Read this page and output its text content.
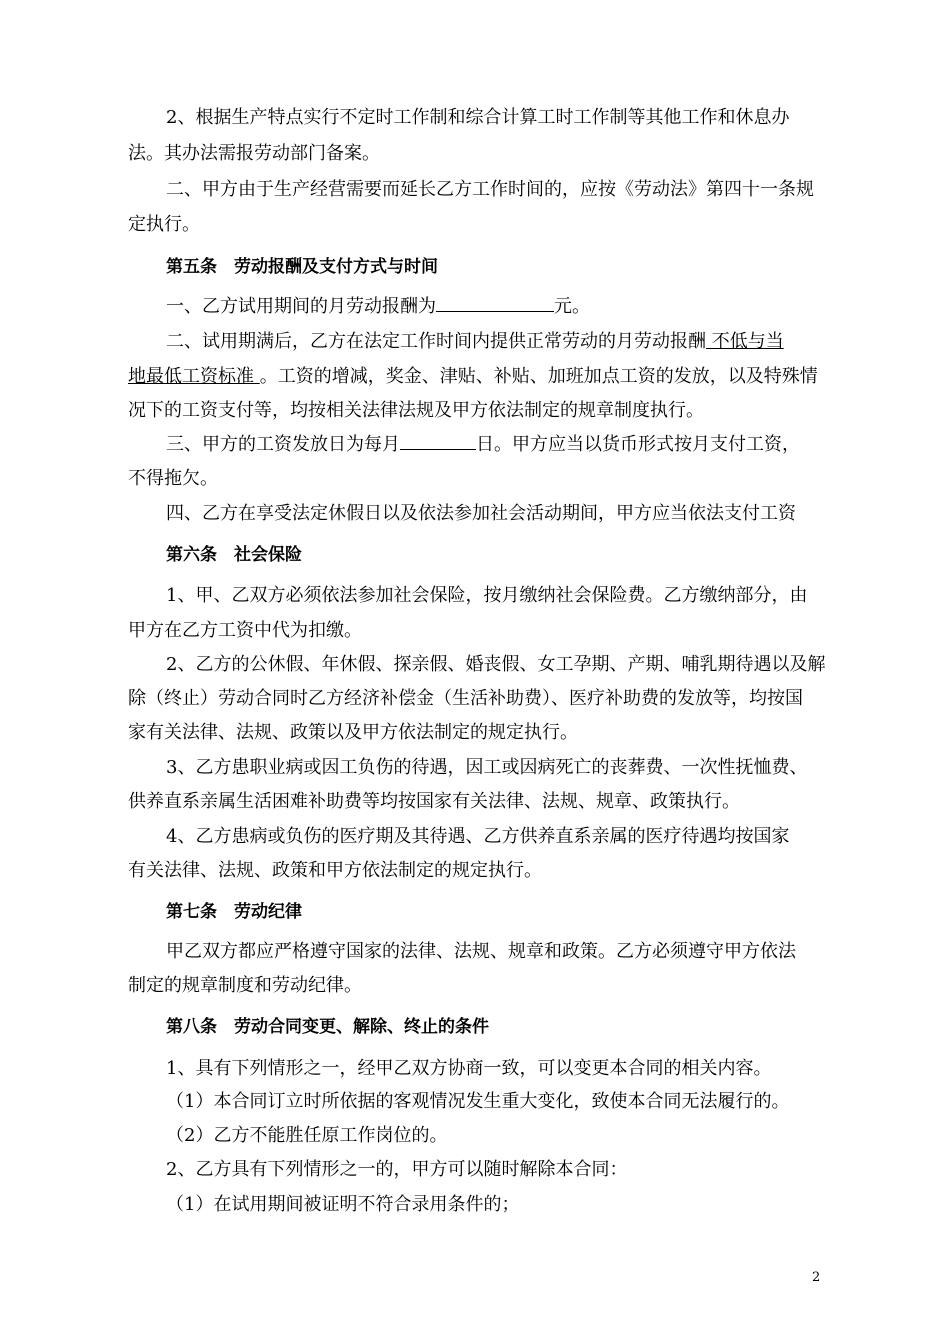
2、根据生产特点实行不定时工作制和综合计算工时工作制等其他工作和休息办
法。其办法需报劳动部门备案。
二、甲方由于生产经营需要而延长乙方工作时间的，应按《劳动法》第四十一条规
定执行。
第五条　劳动报酬及支付方式与时间
一、乙方试用期间的月劳动报酬为	元。
二、试用期满后，乙方在法定工作时间内提供正常劳动的月劳动报酬 不低与当
地最低工资标准 。工资的增减，奖金、津贴、补贴、加班加点工资的发放，以及特殊情
况下的工资支付等，均按相关法律法规及甲方依法制定的规章制度执行。
三、甲方的工资发放日为每月	日。甲方应当以货币形式按月支付工资，
不得拖欠。
四、乙方在享受法定休假日以及依法参加社会活动期间，甲方应当依法支付工资
第六条　社会保险
1、甲、乙双方必须依法参加社会保险，按月缴纳社会保险费。乙方缴纳部分，由
甲方在乙方工资中代为扣缴。
2、乙方的公休假、年休假、探亲假、婚丧假、女工孕期、产期、哺乳期待遇以及解
除（终止）劳动合同时乙方经济补偿金（生活补助费）、医疗补助费的发放等，均按国
家有关法律、法规、政策以及甲方依法制定的规定执行。
3、乙方患职业病或因工负伤的待遇，因工或因病死亡的丧葬费、一次性抚恤费、
供养直系亲属生活困难补助费等均按国家有关法律、法规、规章、政策执行。
4、乙方患病或负伤的医疗期及其待遇、乙方供养直系亲属的医疗待遇均按国家
有关法律、法规、政策和甲方依法制定的规定执行。
第七条　劳动纪律
甲乙双方都应严格遵守国家的法律、法规、规章和政策。乙方必须遵守甲方依法
制定的规章制度和劳动纪律。
第八条　劳动合同变更、解除、终止的条件
1、具有下列情形之一，经甲乙双方协商一致，可以变更本合同的相关内容。
（1）本合同订立时所依据的客观情况发生重大变化，致使本合同无法履行的。
（2）乙方不能胜任原工作岗位的。
2、乙方具有下列情形之一的，甲方可以随时解除本合同：
（1）在试用期间被证明不符合录用条件的；
2
